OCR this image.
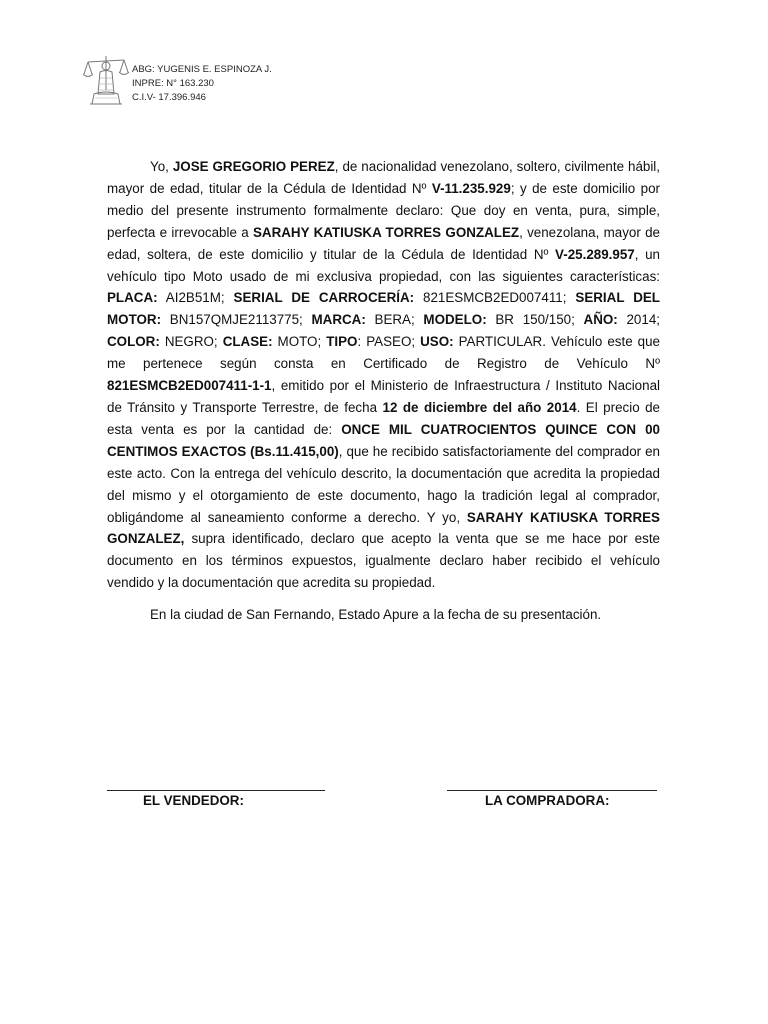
ABG: YUGENIS E. ESPINOZA J.
INPRE: N° 163.230
C.I.V- 17.396.946

Yo, JOSE GREGORIO PEREZ, de nacionalidad venezolano, soltero, civilmente hábil, mayor de edad, titular de la Cédula de Identidad Nº V-11.235.929; y de este domicilio por medio del presente instrumento formalmente declaro: Que doy en venta, pura, simple, perfecta e irrevocable a SARAHY KATIUSKA TORRES GONZALEZ, venezolana, mayor de edad, soltera, de este domicilio y titular de la Cédula de Identidad Nº V-25.289.957, un vehículo tipo Moto usado de mi exclusiva propiedad, con las siguientes características: PLACA: AI2B51M; SERIAL DE CARROCERÍA: 821ESMCB2ED007411; SERIAL DEL MOTOR: BN157QMJE2113775; MARCA: BERA; MODELO: BR 150/150; AÑO: 2014; COLOR: NEGRO; CLASE: MOTO; TIPO: PASEO; USO: PARTICULAR. Vehículo este que me pertenece según consta en Certificado de Registro de Vehículo Nº 821ESMCB2ED007411-1-1, emitido por el Ministerio de Infraestructura / Instituto Nacional de Tránsito y Transporte Terrestre, de fecha 12 de diciembre del año 2014. El precio de esta venta es por la cantidad de: ONCE MIL CUATROCIENTOS QUINCE CON 00 CENTIMOS EXACTOS (Bs.11.415,00), que he recibido satisfactoriamente del comprador en este acto. Con la entrega del vehículo descrito, la documentación que acredita la propiedad del mismo y el otorgamiento de este documento, hago la tradición legal al comprador, obligándome al saneamiento conforme a derecho. Y yo, SARAHY KATIUSKA TORRES GONZALEZ, supra identificado, declaro que acepto la venta que se me hace por este documento en los términos expuestos, igualmente declaro haber recibido el vehículo vendido y la documentación que acredita su propiedad.

En la ciudad de San Fernando, Estado Apure a la fecha de su presentación.

EL VENDEDOR:	LA COMPRADORA:
